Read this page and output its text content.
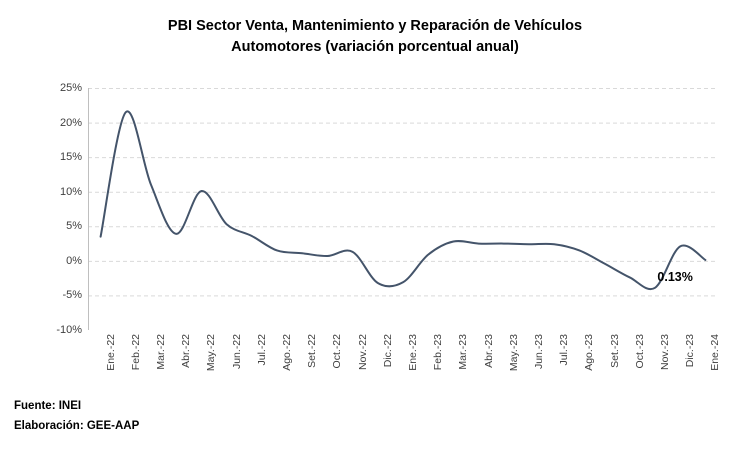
PBI Sector Venta, Mantenimiento y Reparación de Vehículos
Automotores (variación porcentual anual)
25%
20%
15%
10%
5%
0%
-5%
-10%
Ene.-22 Feb.-22 Mar.-22 Abr.-22 May.-22 Jun.-22 Jul.-22 Ago.-22 Set.-22 Oct.-22 Nov.-22 Dic.-22 Ene.-23 Feb.-23 Mar.-23 Abr.-23 May.-23 Jun.-23 Jul.-23 Ago.-23 Set.-23 Oct.-23 Nov.-23 Dic.-23 Ene.-24
0.13%
Fuente: INEI
Elaboración: GEE-AAP
